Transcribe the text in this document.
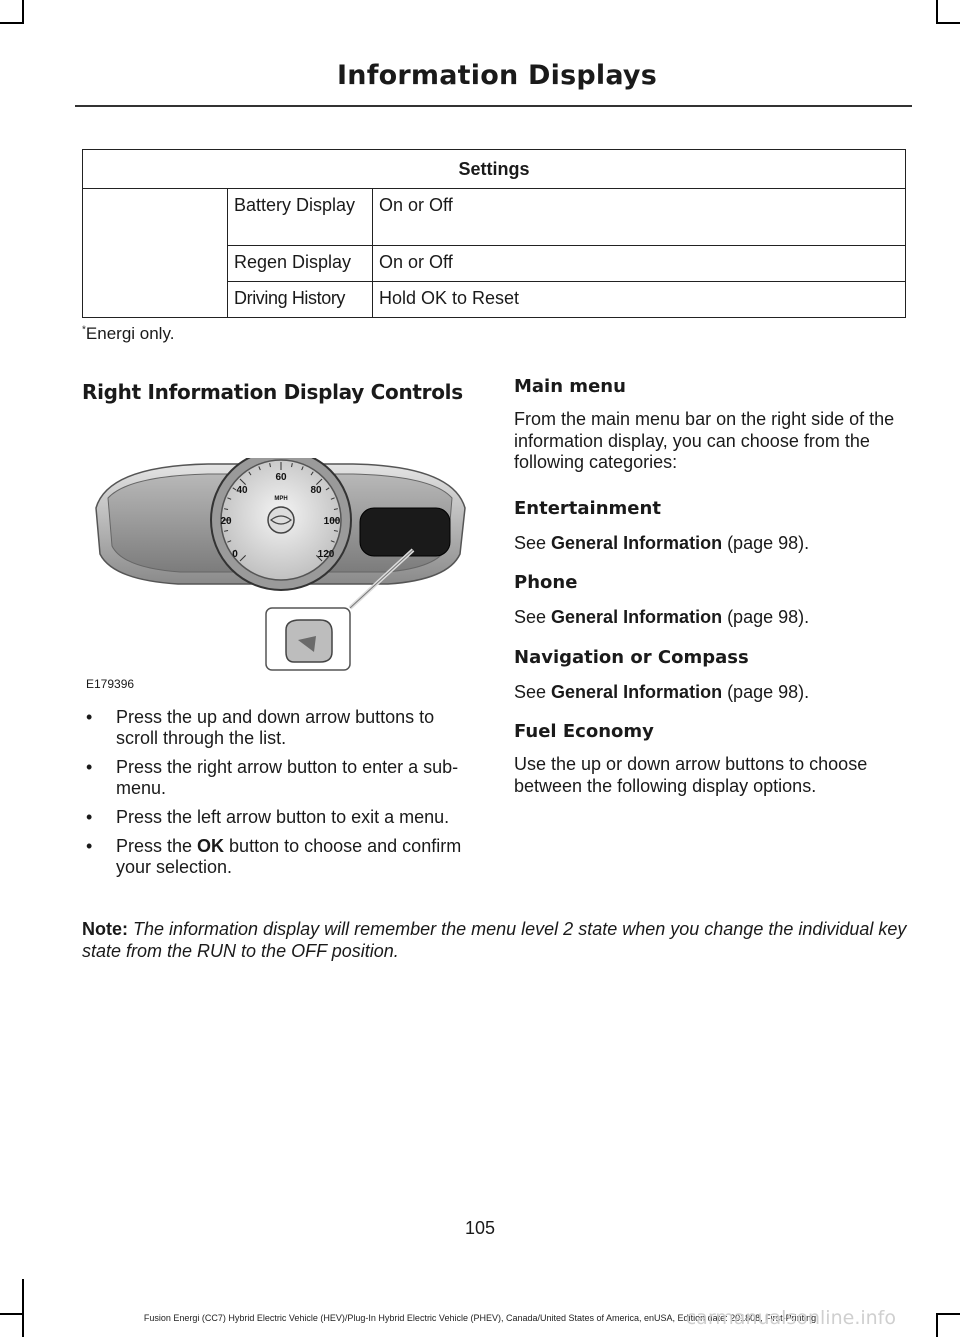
Information Displays
Settings		
	Battery Display	On or Off
	Regen Display	On or Off
	Driving History	Hold OK to Reset
*Energi only.
Right Information Display Controls
0
20
40
60
80
100
120
MPH
E179396
• Press the up and down arrow buttons to scroll through the list.
• Press the right arrow button to enter a sub-menu.
• Press the left arrow button to exit a menu.
• Press the OK button to choose and confirm your selection.
Main menu

From the main menu bar on the right side of the information display, you can choose from the following categories:

Entertainment

See General Information (page 98).

Phone

See General Information (page 98).

Navigation or Compass

See General Information (page 98).

Fuel Economy

Use the up or down arrow buttons to choose between the following display options.

Note: The information display will remember the menu level 2 state when you change the individual key state from the RUN to the OFF position.
105
Fusion Energi (CC7) Hybrid Electric Vehicle (HEV)/Plug-In Hybrid Electric Vehicle (PHEV), Canada/United States of America, enUSA, Edition date: 201808, First-Printing
carmanualsonline.info
